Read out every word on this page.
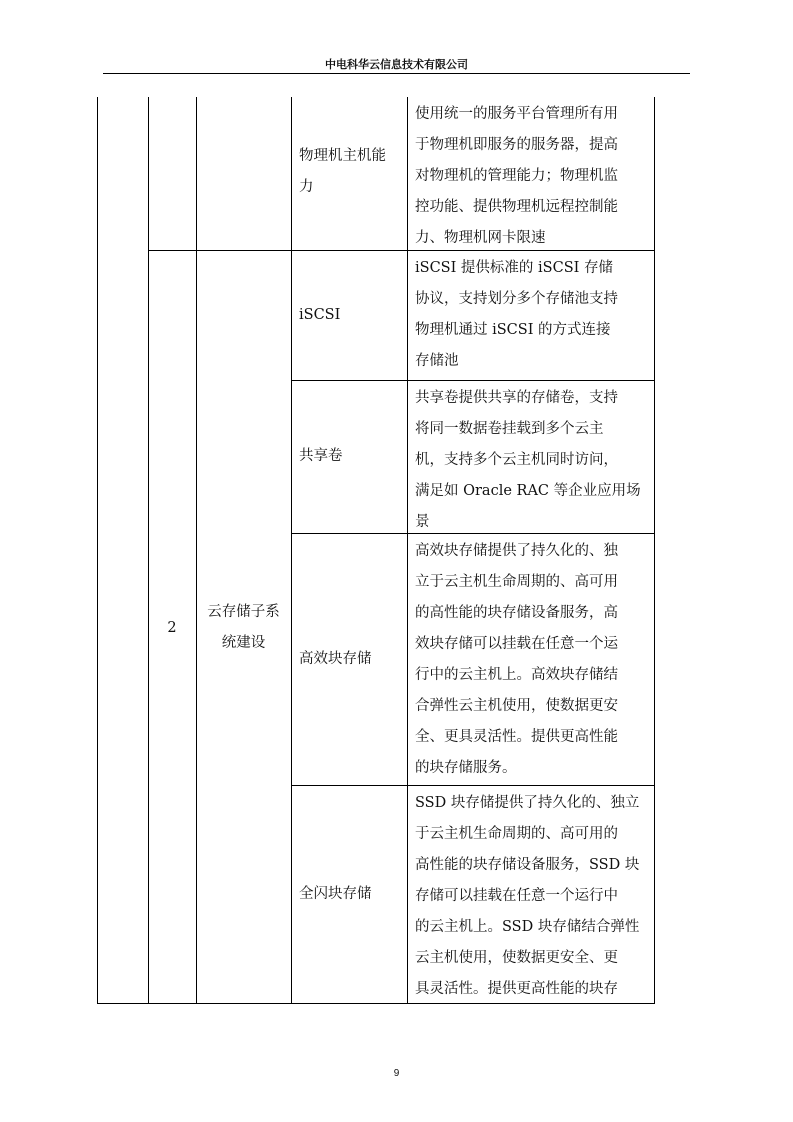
中电科华云信息技术有限公司
使用统一的服务平台管理所有用
于物理机即服务的服务器，提高
对物理机的管理能力；物理机监
控功能、提供物理机远程控制能
力、物理机网卡限速
物理机主机能
力
iSCSI 提供标准的 iSCSI 存储
协议，支持划分多个存储池支持
物理机通过 iSCSI 的方式连接
存储池
iSCSI
共享卷提供共享的存储卷，支持
将同一数据卷挂载到多个云主
机，支持多个云主机同时访问，
满足如 Oracle RAC 等企业应用场
景
共享卷
高效块存储提供了持久化的、独
立于云主机生命周期的、高可用
的高性能的块存储设备服务，高
效块存储可以挂载在任意一个运
行中的云主机上。高效块存储结
合弹性云主机使用，使数据更安
全、更具灵活性。提供更高性能
的块存储服务。
高效块存储
SSD 块存储提供了持久化的、独立
于云主机生命周期的、高可用的
高性能的块存储设备服务，SSD 块
存储可以挂载在任意一个运行中
的云主机上。SSD 块存储结合弹性
云主机使用，使数据更安全、更
具灵活性。提供更高性能的块存
全闪块存储
2
云存储子系
统建设
9
